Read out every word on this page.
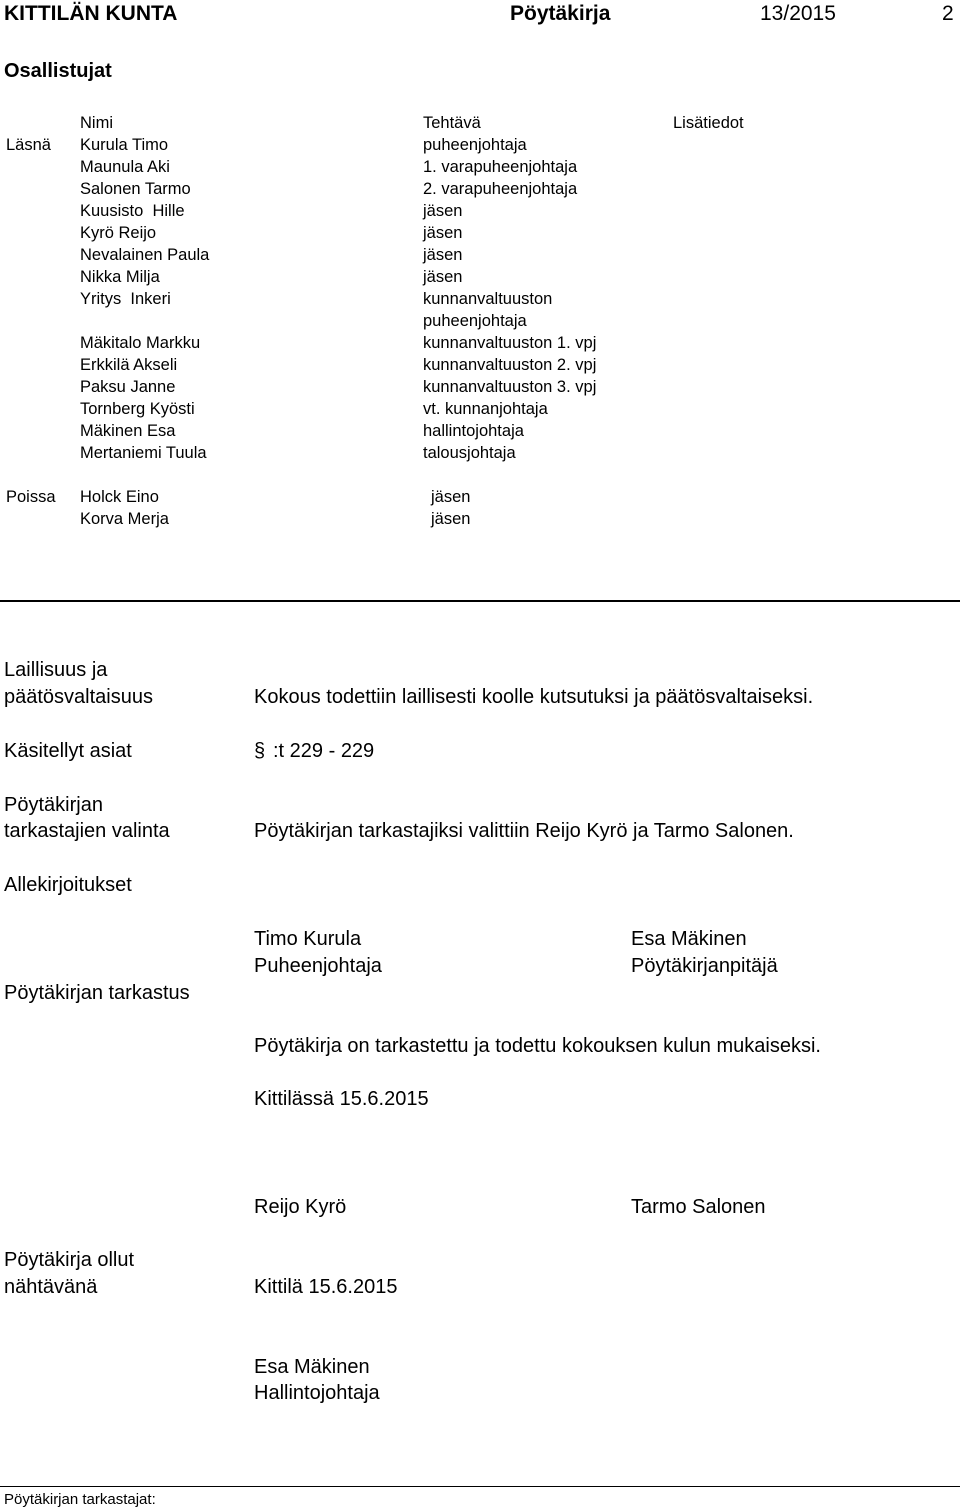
KITTILÄN KUNTA	Pöytäkirja	13/2015	2
Osallistujat
Nimi	Tehtävä	Lisätiedot
Läsnä Kurula Timo	puheenjohtaja
Maunula Aki	1. varapuheenjohtaja
Salonen Tarmo	2. varapuheenjohtaja
Kuusisto  Hille	jäsen
Kyrö Reijo	jäsen
Nevalainen Paula	jäsen
Nikka Milja	jäsen
Yritys  Inkeri	kunnanvaltuuston
puheenjohtaja
Mäkitalo Markku	kunnanvaltuuston 1. vpj
Erkkilä Akseli	kunnanvaltuuston 2. vpj
Paksu Janne	kunnanvaltuuston 3. vpj
Tornberg Kyösti	vt. kunnanjohtaja
Mäkinen Esa	hallintojohtaja
Mertaniemi Tuula	talousjohtaja
Poissa Holck Eino	jäsen
Korva Merja	jäsen
Laillisuus ja
päätösvaltaisuus	Kokous todettiin laillisesti koolle kutsutuksi ja päätösvaltaiseksi.
Käsitellyt asiat	§ :t 229 - 229
Pöytäkirjan
tarkastajien valinta	Pöytäkirjan tarkastajiksi valittiin Reijo Kyrö ja Tarmo Salonen.
Allekirjoitukset
Timo Kurula
Puheenjohtaja
Esa Mäkinen
Pöytäkirjanpitäjä
Pöytäkirjan tarkastus
Pöytäkirja on tarkastettu ja todettu kokouksen kulun mukaiseksi.
Kittilässä 15.6.2015
Reijo Kyrö	Tarmo Salonen
Pöytäkirja ollut
nähtävänä	Kittilä 15.6.2015
Esa Mäkinen
Hallintojohtaja
Pöytäkirjan tarkastajat:
